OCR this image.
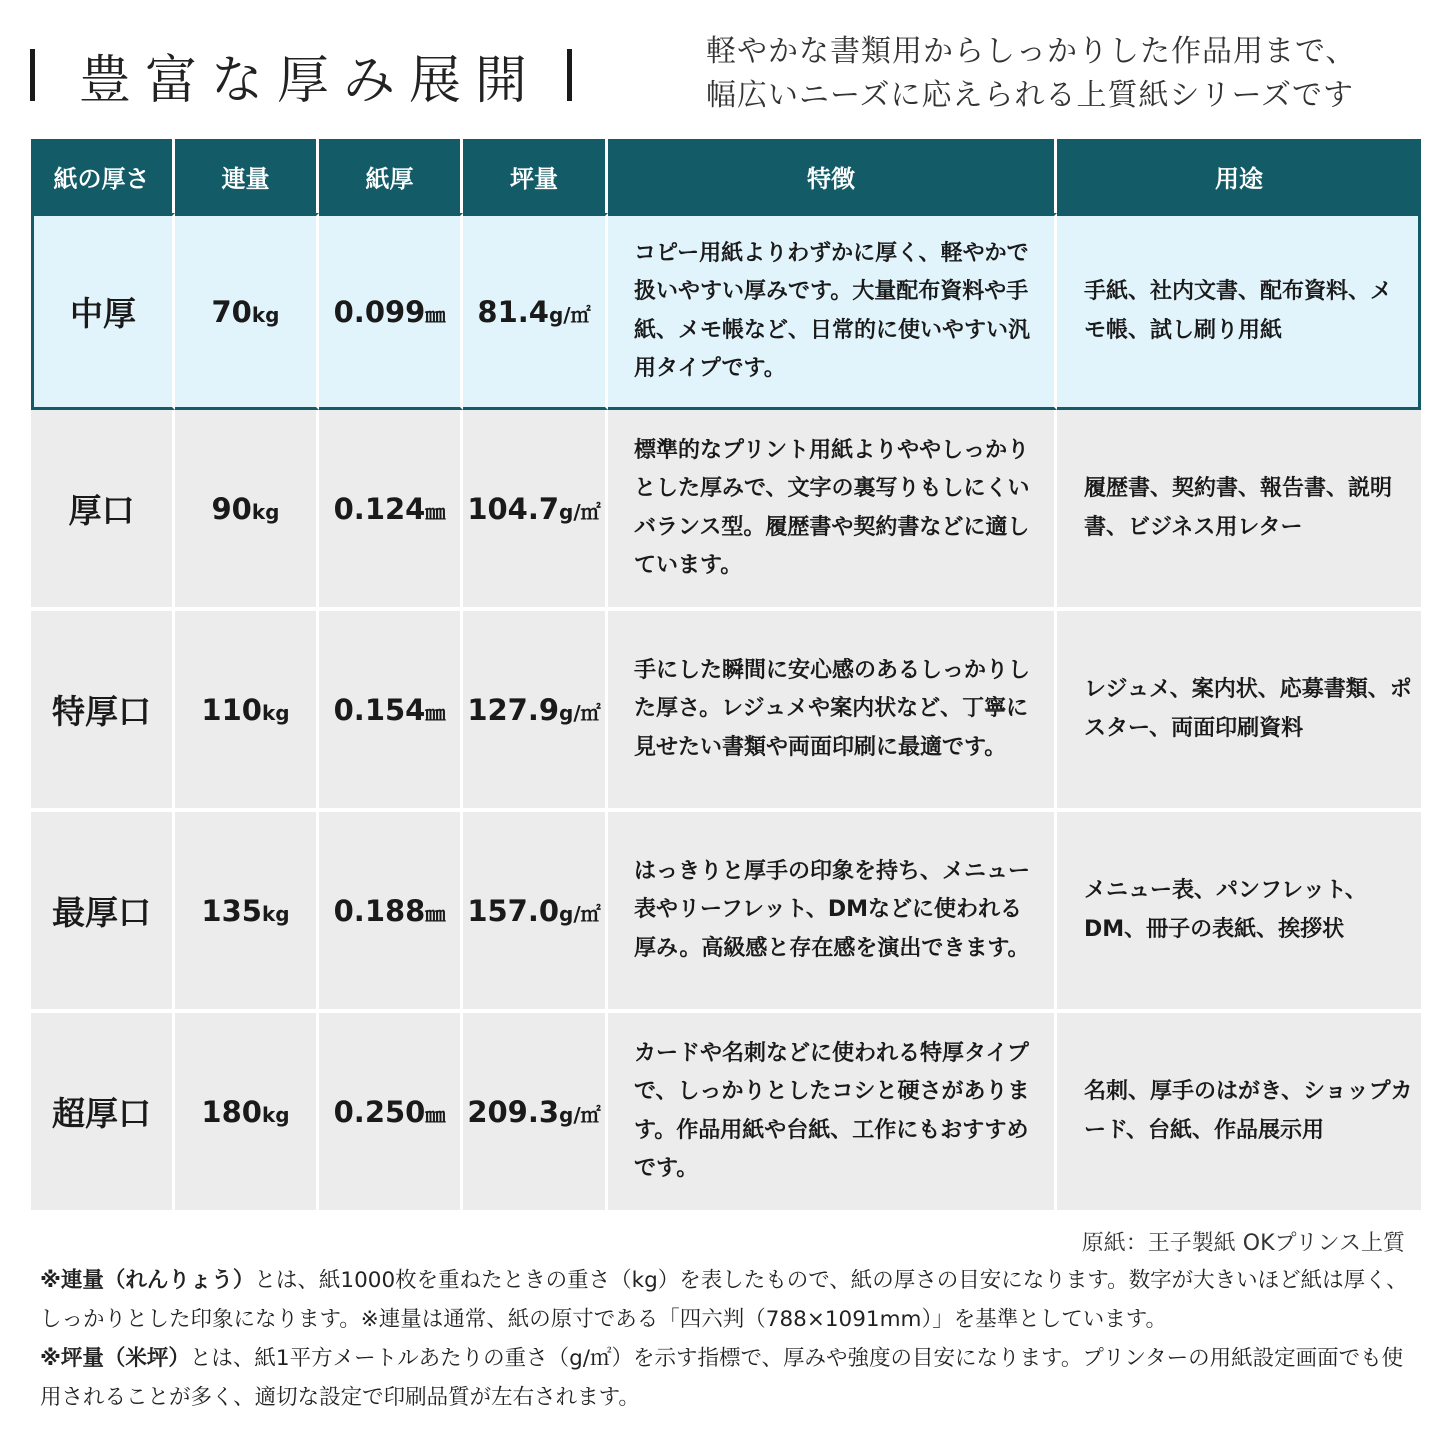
豊富な厚み展開	軽やかな書類用からしっかりした作品用まで、
幅広いニーズに応えられる上質紙シリーズです
紙の厚さ	連量	紙厚	坪量	特徴	用途
中厚	70kg	0.099㎜	81.4g/㎡	コピー用紙よりわずかに厚く、軽やかで扱いやすい厚みです。大量配布資料や手紙、メモ帳など、日常的に使いやすい汎用タイプです。	手紙、社内文書、配布資料、メモ帳、試し刷り用紙
厚口	90kg	0.124㎜	104.7g/㎡	標準的なプリント用紙よりややしっかりとした厚みで、文字の裏写りもしにくいバランス型。履歴書や契約書などに適しています。	履歴書、契約書、報告書、説明書、ビジネス用レター
特厚口	110kg	0.154㎜	127.9g/㎡	手にした瞬間に安心感のあるしっかりした厚さ。レジュメや案内状など、丁寧に見せたい書類や両面印刷に最適です。	レジュメ、案内状、応募書類、ポスター、両面印刷資料
最厚口	135kg	0.188㎜	157.0g/㎡	はっきりと厚手の印象を持ち、メニュー表やリーフレット、DMなどに使われる厚み。高級感と存在感を演出できます。	メニュー表、パンフレット、DM、冊子の表紙、挨拶状
超厚口	180kg	0.250㎜	209.3g/㎡	カードや名刺などに使われる特厚タイプで、しっかりとしたコシと硬さがあります。作品用紙や台紙、工作にもおすすめです。	名刺、厚手のはがき、ショップカード、台紙、作品展示用
原紙：王子製紙 OKプリンス上質

※連量（れんりょう）とは、紙1000枚を重ねたときの重さ（kg）を表したもので、紙の厚さの目安になります。数字が大きいほど紙は厚く、しっかりとした印象になります。※連量は通常、紙の原寸である「四六判（788×1091mm）」を基準としています。

※坪量（米坪）とは、紙1平方メートルあたりの重さ（g/㎡）を示す指標で、厚みや強度の目安になります。プリンターの用紙設定画面でも使用されることが多く、適切な設定で印刷品質が左右されます。
